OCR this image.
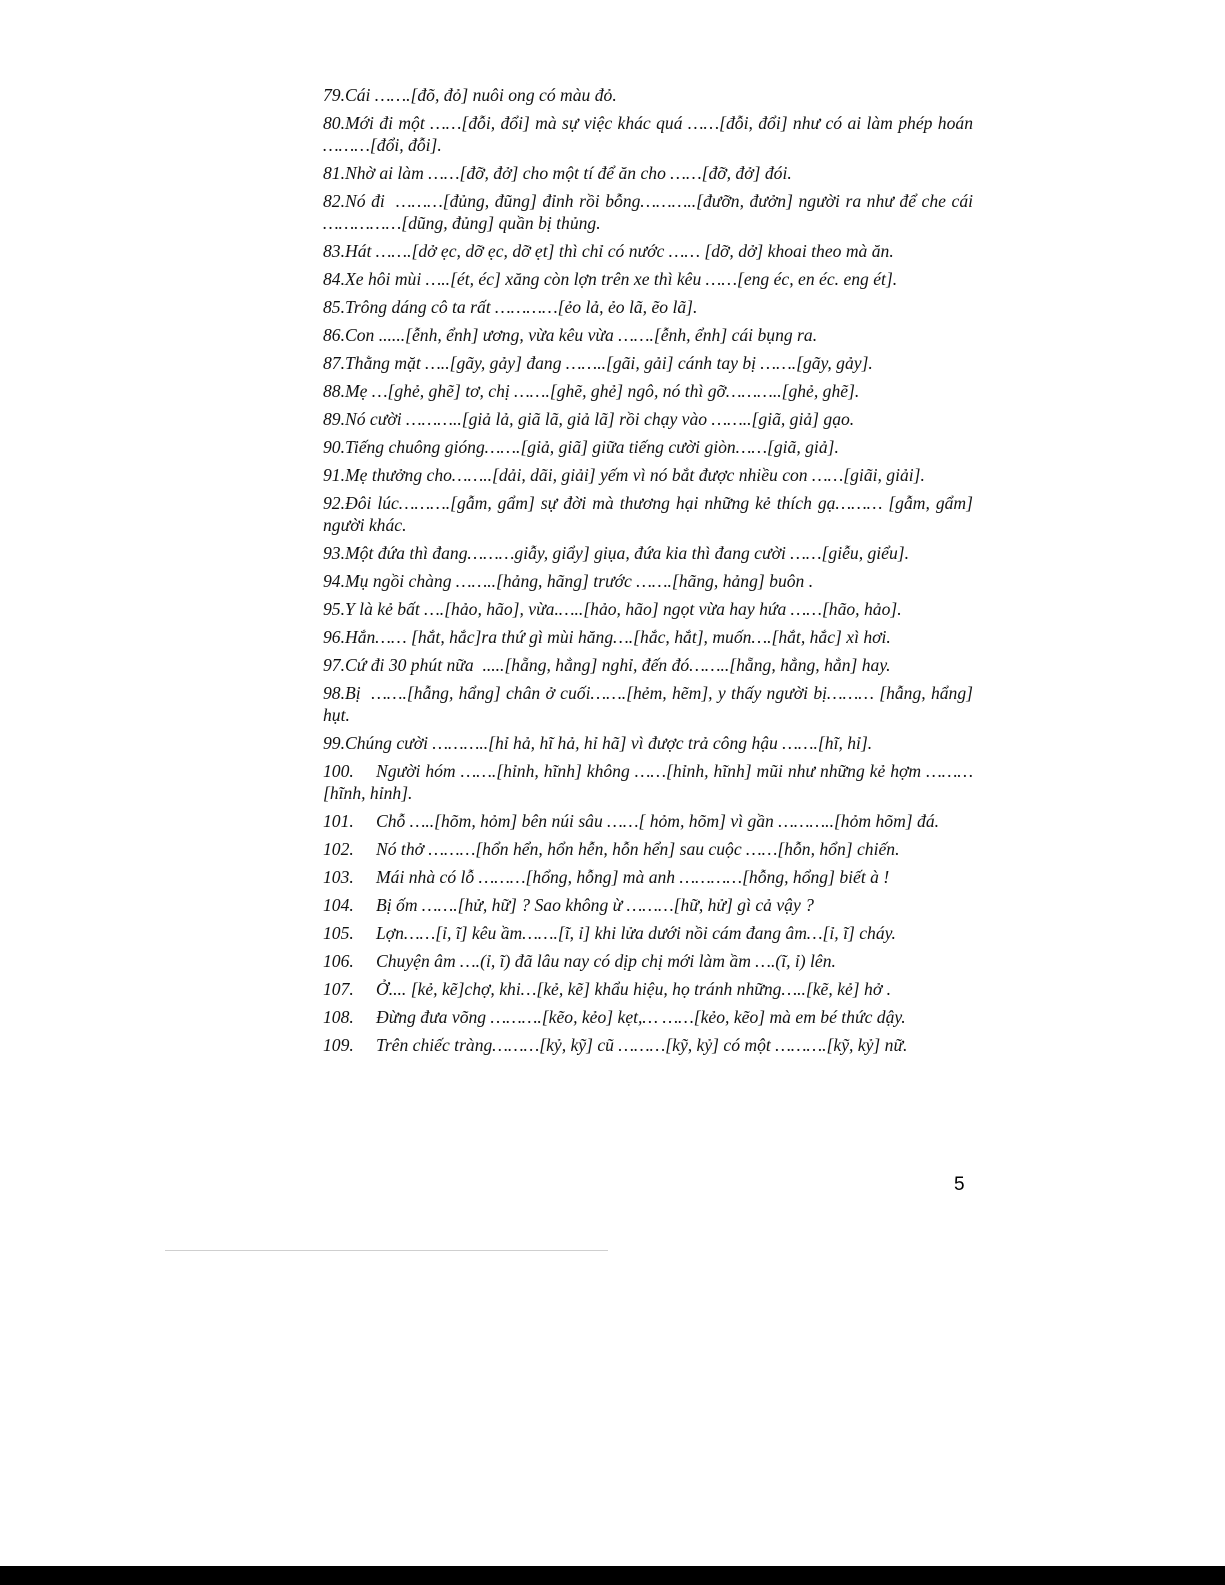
79.Cái …….[đõ, đỏ] nuôi ong có màu đỏ.
80.Mới đi một ……[đỗi, đổi] mà sự việc khác quá ……[đỗi, đổi] như có ai làm phép hoán ………[đổi, đỗi].
81.Nhờ ai làm ……[đỡ, đở] cho một tí để ăn cho ……[đỡ, đở] đói.
82.Nó đi  ………[đủng, đũng] đỉnh rồi bỗng………..[đưỡn, đưởn] người ra như để che cái ……………[dũng, đủng] quần bị thủng.
83.Hát …….[dở ẹc, dỡ ẹc, dỡ ẹt] thì chỉ có nước …… [dỡ, dở] khoai theo mà ăn.
84.Xe hôi mùi …..[ét, éc] xăng còn lợn trên xe thì kêu ……[eng éc, en éc. eng ét].
85.Trông dáng cô ta rất …………[ẻo lả, ẻo lã, ẽo lã].
86.Con ......[ễnh, ểnh] ương, vừa kêu vừa …….[ễnh, ểnh] cái bụng ra.
87.Thằng mặt …..[gãy, gảy] đang ……..[gãi, gải] cánh tay bị …….[gãy, gảy].
88.Mẹ …[ghẻ, ghẽ] tơ, chị …….[ghẽ, ghẻ] ngô, nó thì gỡ………..[ghẻ, ghẽ].
89.Nó cười ………..[giả lả, giã lã, giả lã] rồi chạy vào ……..[giã, giả] gạo.
90.Tiếng chuông gióng…….[giả, giã] giữa tiếng cười giòn……[giã, giả].
91.Mẹ thưởng cho……..[dải, dãi, giải] yếm vì nó bắt được nhiều con ……[giãi, giải].
92.Đôi lúc……….[gẫm, gẩm] sự đời mà thương hại những kẻ thích gạ……… [gẫm, gẩm] người khác.
93.Một đứa thì đang………giẫy, giẩy] giụa, đứa kia thì đang cười ……[giễu, giểu].
94.Mụ ngồi chàng ……..[hảng, hãng] trước …….[hãng, hảng] buôn .
95.Y là kẻ bất ….[hảo, hão], vừa.…..[hảo, hão] ngọt vừa hay hứa ……[hão, hảo].
96.Hắn…… [hắt, hắc]ra thứ gì mùi hăng….[hắc, hắt], muốn….[hắt, hắc] xì hơi.
97.Cứ đi 30 phút nữa  .....[hẵng, hẳng] nghỉ, đến đó……..[hẵng, hẳng, hẳn] hay.
98.Bị  …….[hẫng, hẩng] chân ở cuối…….[hẻm, hẽm], y thấy người bị……… [hẫng, hẩng] hụt.
99.Chúng cười ………..[hỉ hả, hĩ hả, hỉ hã] vì được trả công hậu …….[hĩ, hỉ].
100. Người hóm …….[hỉnh, hĩnh] không ……[hỉnh, hĩnh] mũi như những kẻ hợm ………[hĩnh, hỉnh].
101. Chỗ …..[hõm, hỏm] bên núi sâu ……[ hỏm, hõm] vì gần ………..[hỏm hõm] đá.
102. Nó thở ………[hổn hển, hổn hễn, hỗn hển] sau cuộc ……[hỗn, hổn] chiến.
103. Mái nhà có lỗ ………[hổng, hỗng] mà anh …………[hỗng, hổng] biết à !
104. Bị ốm …….[hử, hữ] ? Sao không ừ ………[hữ, hử] gì cả vậy ?
105. Lợn……[ỉ, ĩ] kêu ầm…….[ĩ, ỉ] khi lửa dưới nồi cám đang âm…[ỉ, ĩ] cháy.
106. Chuyện âm ….(ỉ, ĩ) đã lâu nay có dịp chị mới làm ầm ….(ĩ, ỉ) lên.
107. Ở.... [kẻ, kẽ]chợ, khi…[kẻ, kẽ] khẩu hiệu, họ tránh những…..[kẽ, kẻ] hở .
108. Đừng đưa võng ……….[kẽo, kẻo] kẹt,… ……[kẻo, kẽo] mà em bé thức dậy.
109. Trên chiếc tràng………[kỷ, kỹ] cũ ………[kỹ, kỷ] có một ……….[kỹ, kỷ] nữ.
5
